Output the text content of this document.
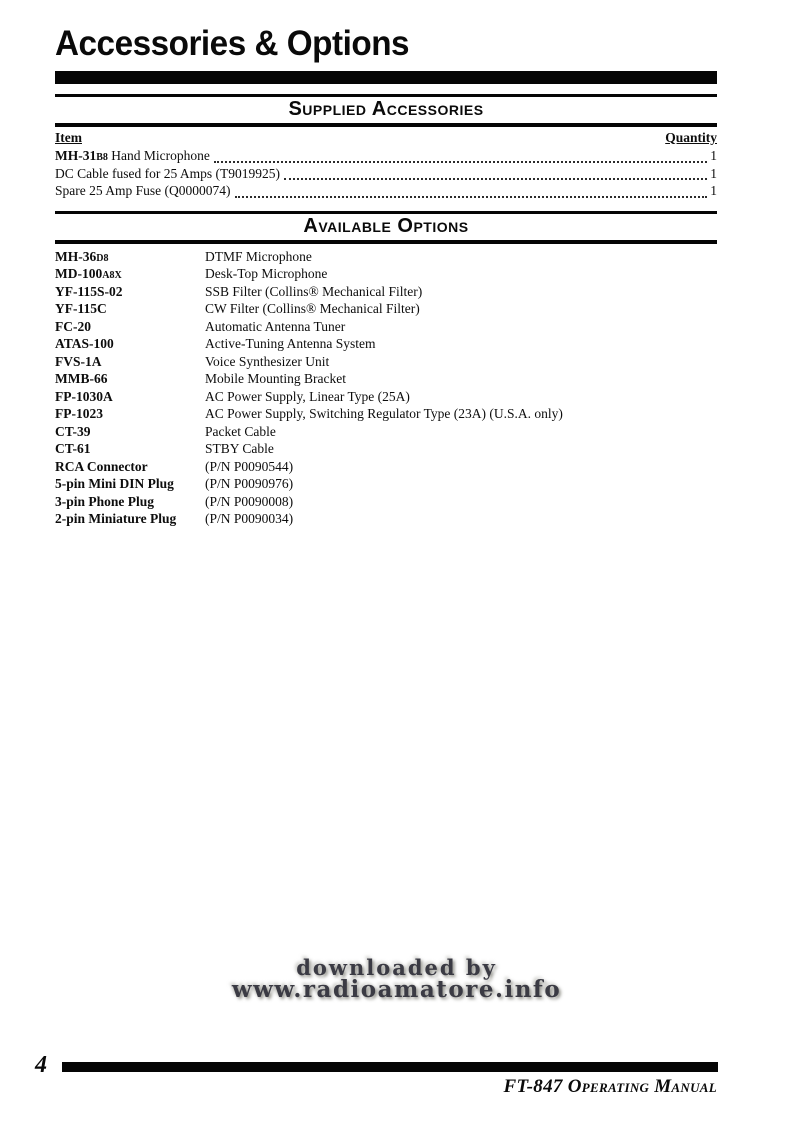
Accessories & Options
Supplied Accessories
Item	Quantity
MH-31B8 Hand Microphone	1
DC Cable fused for 25 Amps (T9019925)	1
Spare 25 Amp Fuse (Q0000074)	1
Available Options
MH-36D8	DTMF Microphone
MD-100A8X	Desk-Top Microphone
YF-115S-02	SSB Filter (Collins® Mechanical Filter)
YF-115C	CW Filter (Collins® Mechanical Filter)
FC-20	Automatic Antenna Tuner
ATAS-100	Active-Tuning Antenna System
FVS-1A	Voice Synthesizer Unit
MMB-66	Mobile Mounting Bracket
FP-1030A	AC Power Supply, Linear Type (25A)
FP-1023	AC Power Supply, Switching Regulator Type (23A) (U.S.A. only)
CT-39	Packet Cable
CT-61	STBY Cable
RCA Connector	(P/N P0090544)
5-pin Mini DIN Plug	(P/N P0090976)
3-pin Phone Plug	(P/N P0090008)
2-pin Miniature Plug	(P/N P0090034)
downloaded by
www.radioamatore.info
4
FT-847 Operating Manual
